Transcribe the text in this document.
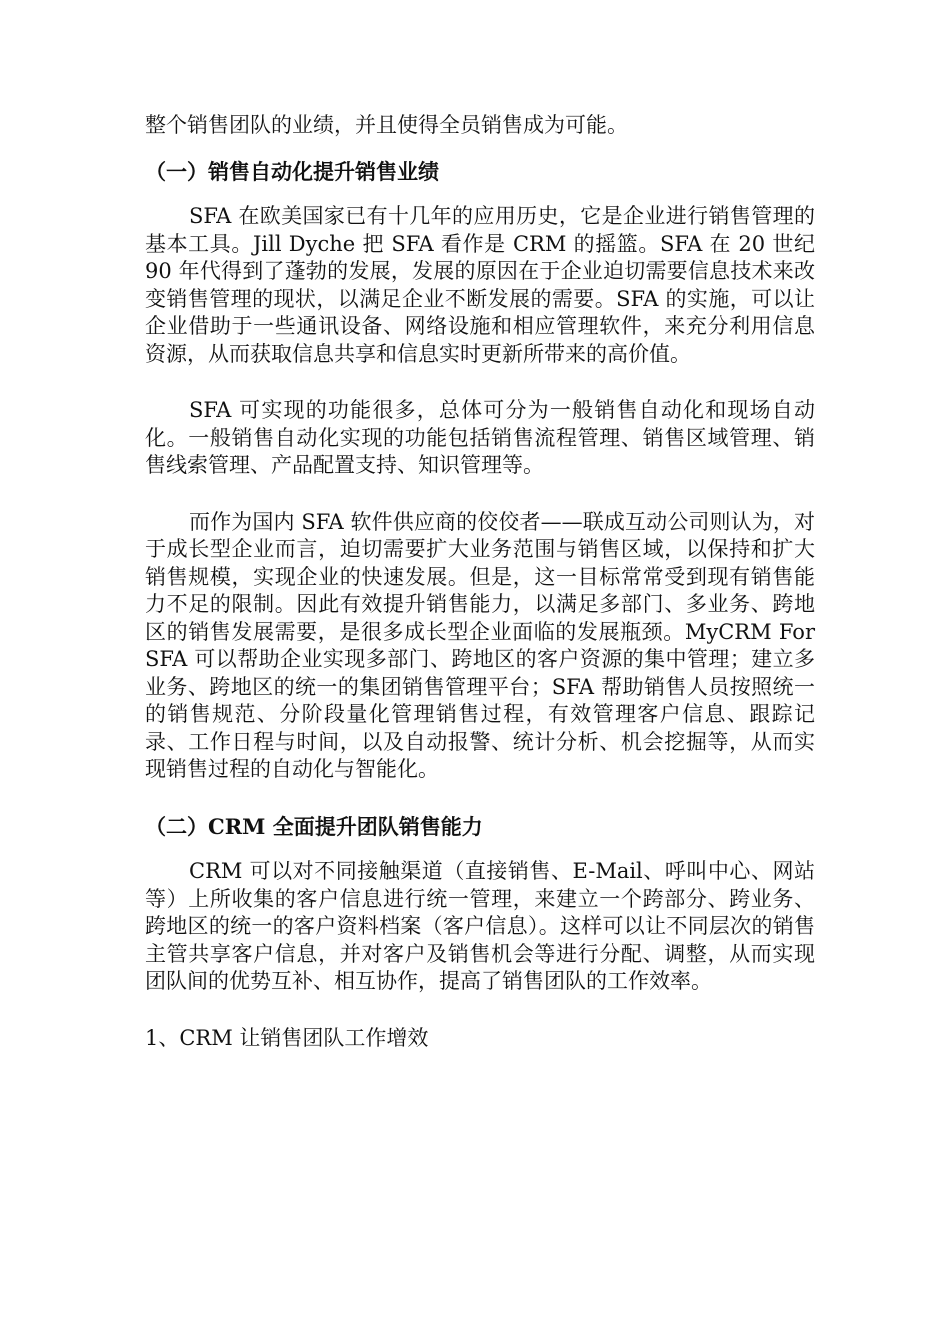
整个销售团队的业绩，并且使得全员销售成为可能。

（一）销售自动化提升销售业绩

SFA 在欧美国家已有十几年的应用历史，它是企业进行销售管理的基本工具。Jill Dyche 把 SFA 看作是 CRM 的摇篮。SFA 在 20 世纪 90 年代得到了蓬勃的发展，发展的原因在于企业迫切需要信息技术来改变销售管理的现状，以满足企业不断发展的需要。SFA 的实施，可以让企业借助于一些通讯设备、网络设施和相应管理软件，来充分利用信息资源，从而获取信息共享和信息实时更新所带来的高价值。

SFA 可实现的功能很多，总体可分为一般销售自动化和现场自动化。一般销售自动化实现的功能包括销售流程管理、销售区域管理、销售线索管理、产品配置支持、知识管理等。

而作为国内 SFA 软件供应商的佼佼者——联成互动公司则认为，对于成长型企业而言，迫切需要扩大业务范围与销售区域，以保持和扩大销售规模，实现企业的快速发展。但是，这一目标常常受到现有销售能力不足的限制。因此有效提升销售能力，以满足多部门、多业务、跨地区的销售发展需要，是很多成长型企业面临的发展瓶颈。MyCRM For SFA 可以帮助企业实现多部门、跨地区的客户资源的集中管理；建立多业务、跨地区的统一的集团销售管理平台；SFA 帮助销售人员按照统一的销售规范、分阶段量化管理销售过程，有效管理客户信息、跟踪记录、工作日程与时间，以及自动报警、统计分析、机会挖掘等，从而实现销售过程的自动化与智能化。

（二）CRM 全面提升团队销售能力

CRM 可以对不同接触渠道（直接销售、E-Mail、呼叫中心、网站等）上所收集的客户信息进行统一管理，来建立一个跨部分、跨业务、跨地区的统一的客户资料档案（客户信息）。这样可以让不同层次的销售主管共享客户信息，并对客户及销售机会等进行分配、调整，从而实现团队间的优势互补、相互协作，提高了销售团队的工作效率。

1、CRM 让销售团队工作增效
